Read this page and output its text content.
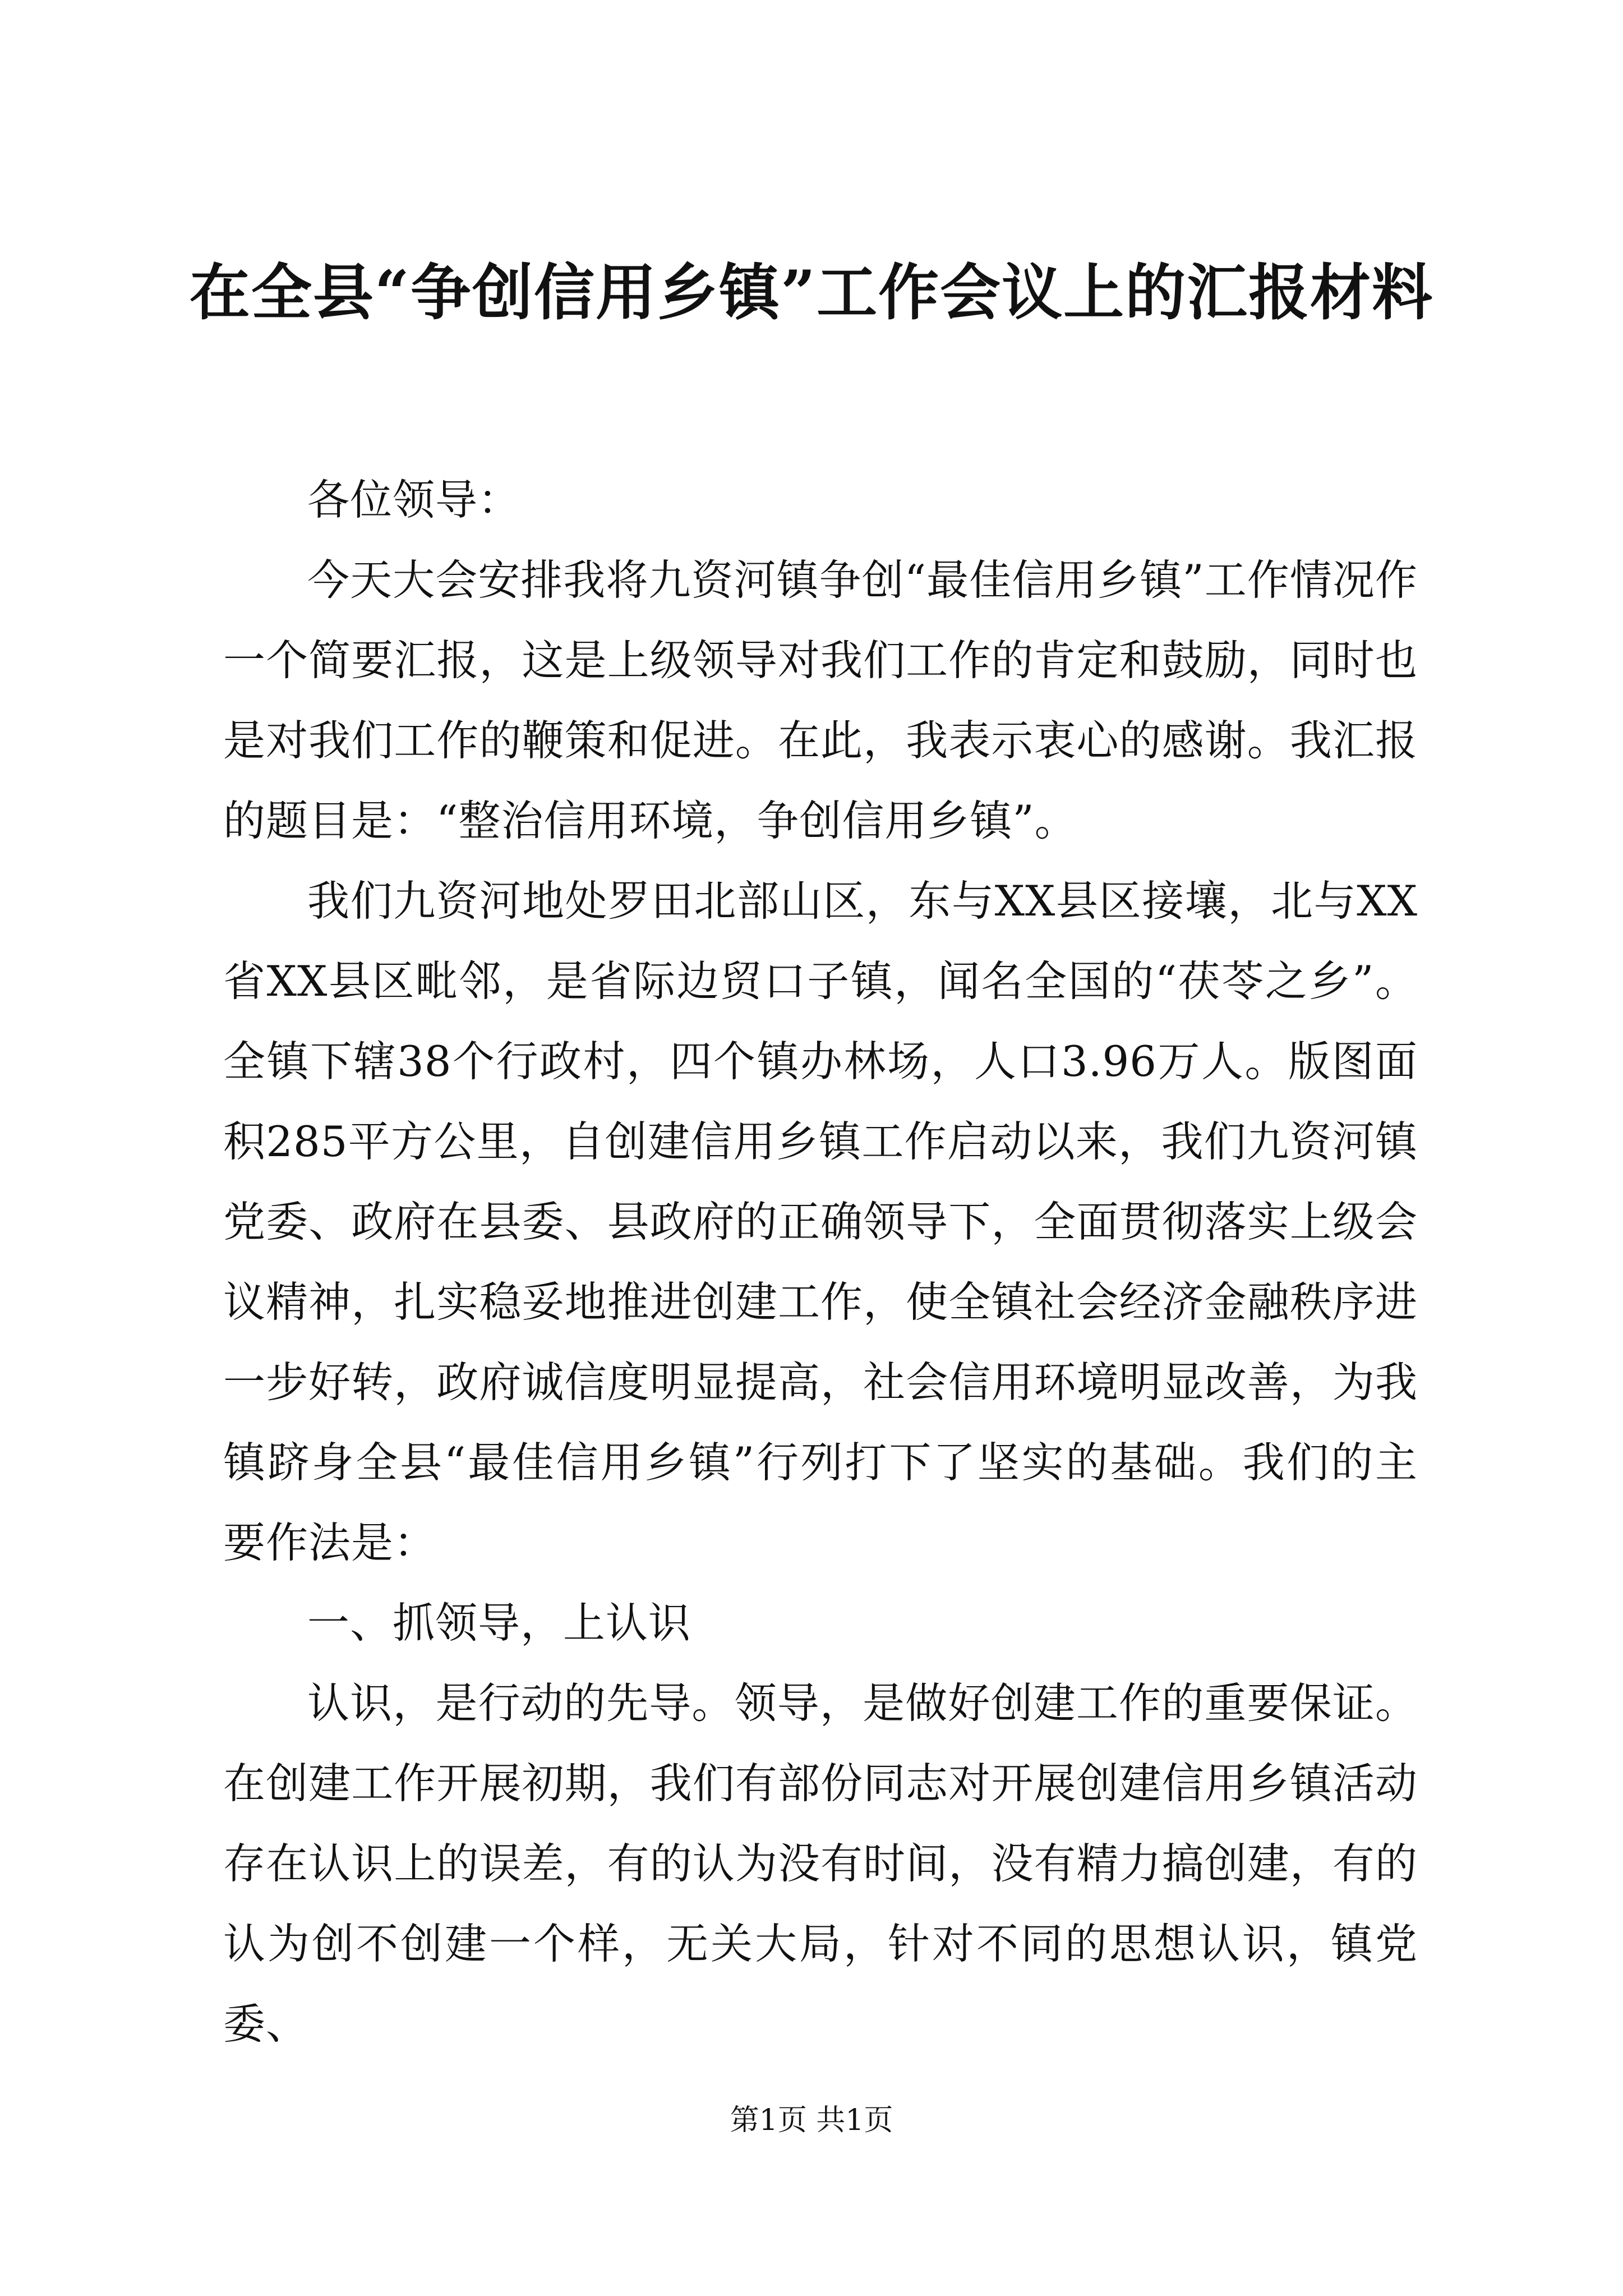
在全县“争创信用乡镇”工作会议上的汇报材料

各位领导：

今天大会安排我将九资河镇争创“最佳信用乡镇”工作情况作一个简要汇报，这是上级领导对我们工作的肯定和鼓励，同时也是对我们工作的鞭策和促进。在此，我表示衷心的感谢。我汇报的题目是：“整治信用环境，争创信用乡镇”。

我们九资河地处罗田北部山区，东与XX县区接壤，北与XX省XX县区毗邻，是省际边贸口子镇，闻名全国的“茯苓之乡”。全镇下辖38个行政村，四个镇办林场，人口3.96万人。版图面积285平方公里，自创建信用乡镇工作启动以来，我们九资河镇党委、政府在县委、县政府的正确领导下，全面贯彻落实上级会议精神，扎实稳妥地推进创建工作，使全镇社会经济金融秩序进一步好转，政府诚信度明显提高，社会信用环境明显改善，为我镇跻身全县“最佳信用乡镇”行列打下了坚实的基础。我们的主要作法是：

一、抓领导，上认识

认识，是行动的先导。领导，是做好创建工作的重要保证。在创建工作开展初期，我们有部份同志对开展创建信用乡镇活动存在认识上的误差，有的认为没有时间，没有精力搞创建，有的认为创不创建一个样，无关大局，针对不同的思想认识，镇党委、

第1页 共1页
